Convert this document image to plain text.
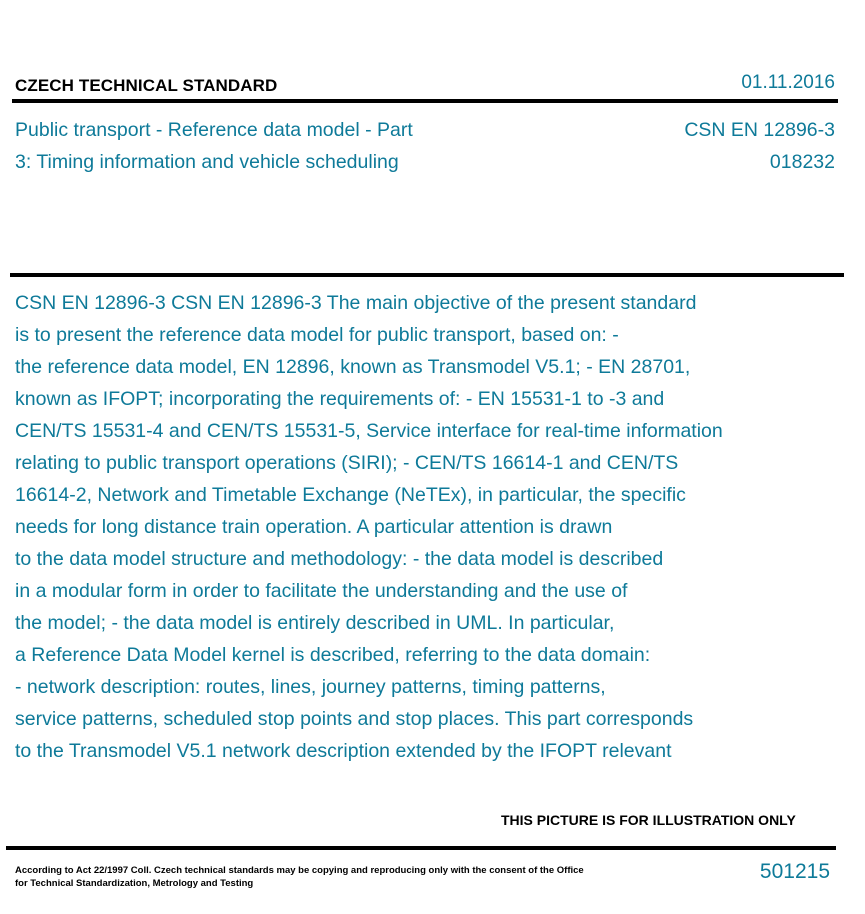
CZECH TECHNICAL STANDARD	01.11.2016
Public transport - Reference data model - Part
3: Timing information and vehicle scheduling
CSN EN 12896-3
018232
CSN EN 12896-3 CSN EN 12896-3 The main objective of the present standard
is to present the reference data model for public transport, based on: -
the reference data model, EN 12896, known as Transmodel V5.1; - EN 28701,
known as IFOPT; incorporating the requirements of: - EN 15531-1 to -3 and
CEN/TS 15531-4 and CEN/TS 15531-5, Service interface for real-time information
relating to public transport operations (SIRI); - CEN/TS 16614-1 and CEN/TS
16614-2, Network and Timetable Exchange (NeTEx), in particular, the specific
needs for long distance train operation. A particular attention is drawn
to the data model structure and methodology: - the data model is described
in a modular form in order to facilitate the understanding and the use of
the model; - the data model is entirely described in UML. In particular,
a Reference Data Model kernel is described, referring to the data domain:
- network description: routes, lines, journey patterns, timing patterns,
service patterns, scheduled stop points and stop places. This part corresponds
to the Transmodel V5.1 network description extended by the IFOPT relevant
THIS PICTURE IS FOR ILLUSTRATION ONLY
According to Act 22/1997 Coll. Czech technical standards may be copying and reproducing only with the consent of the Office
for Technical Standardization, Metrology and Testing	501215
